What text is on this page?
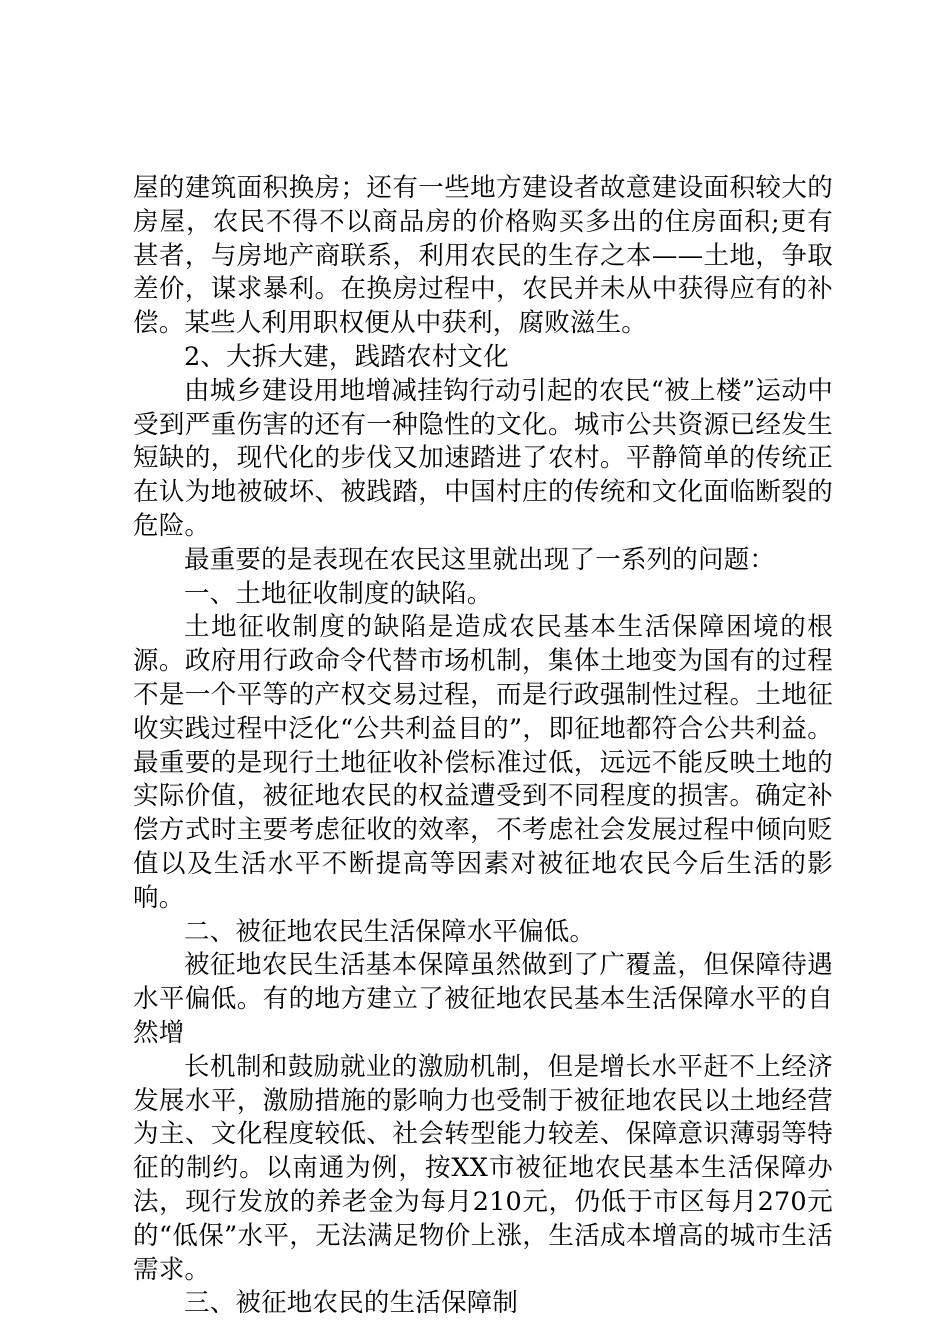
屋的建筑面积换房；还有一些地方建设者故意建设面积较大的房屋，农民不得不以商品房的价格购买多出的住房面积;更有甚者，与房地产商联系，利用农民的生存之本——土地，争取差价，谋求暴利。在换房过程中，农民并未从中获得应有的补偿。某些人利用职权便从中获利，腐败滋生。

2、大拆大建，践踏农村文化

由城乡建设用地增减挂钩行动引起的农民“被上楼”运动中受到严重伤害的还有一种隐性的文化。城市公共资源已经发生短缺的，现代化的步伐又加速踏进了农村。平静简单的传统正在认为地被破坏、被践踏，中国村庄的传统和文化面临断裂的危险。

最重要的是表现在农民这里就出现了一系列的问题：

一、土地征收制度的缺陷。

土地征收制度的缺陷是造成农民基本生活保障困境的根源。政府用行政命令代替市场机制，集体土地变为国有的过程不是一个平等的产权交易过程，而是行政强制性过程。土地征收实践过程中泛化“公共利益目的”，即征地都符合公共利益。最重要的是现行土地征收补偿标准过低，远远不能反映土地的实际价值，被征地农民的权益遭受到不同程度的损害。确定补偿方式时主要考虑征收的效率，不考虑社会发展过程中倾向贬值以及生活水平不断提高等因素对被征地农民今后生活的影响。

二、被征地农民生活保障水平偏低。

被征地农民生活基本保障虽然做到了广覆盖，但保障待遇水平偏低。有的地方建立了被征地农民基本生活保障水平的自然增

长机制和鼓励就业的激励机制，但是增长水平赶不上经济发展水平，激励措施的影响力也受制于被征地农民以土地经营为主、文化程度较低、社会转型能力较差、保障意识薄弱等特征的制约。以南通为例，按XX市被征地农民基本生活保障办法，现行发放的养老金为每月210元，仍低于市区每月270元的“低保”水平，无法满足物价上涨，生活成本增高的城市生活需求。

三、被征地农民的生活保障制
